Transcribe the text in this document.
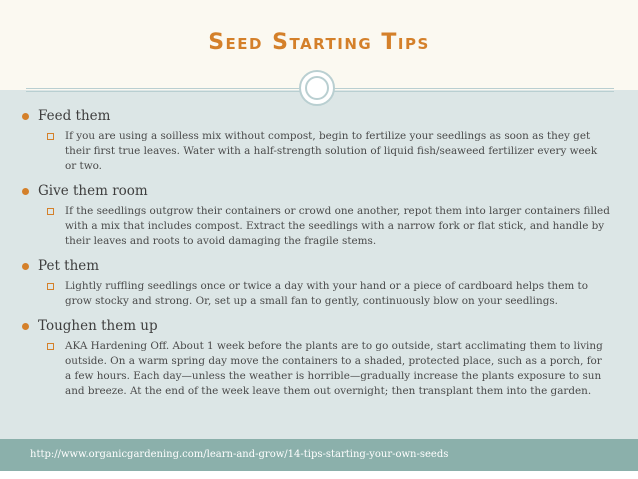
Seed Starting Tips
Feed them
If you are using a soilless mix without compost, begin to fertilize your seedlings as soon as they get their first true leaves. Water with a half-strength solution of liquid fish/seaweed fertilizer every week or two.
Give them room
If the seedlings outgrow their containers or crowd one another, repot them into larger containers filled with a mix that includes compost. Extract the seedlings with a narrow fork or flat stick, and handle by their leaves and roots to avoid damaging the fragile stems.
Pet them
Lightly ruffling seedlings once or twice a day with your hand or a piece of cardboard helps them to grow stocky and strong. Or, set up a small fan to gently, continuously blow on your seedlings.
Toughen them up
AKA Hardening Off. About 1 week before the plants are to go outside, start acclimating them to living outside. On a warm spring day move the containers to a shaded, protected place, such as a porch, for a few hours. Each day—unless the weather is horrible—gradually increase the plants exposure to sun and breeze. At the end of the week leave them out overnight; then transplant them into the garden.
http://www.organicgardening.com/learn-and-grow/14-tips-starting-your-own-seeds
